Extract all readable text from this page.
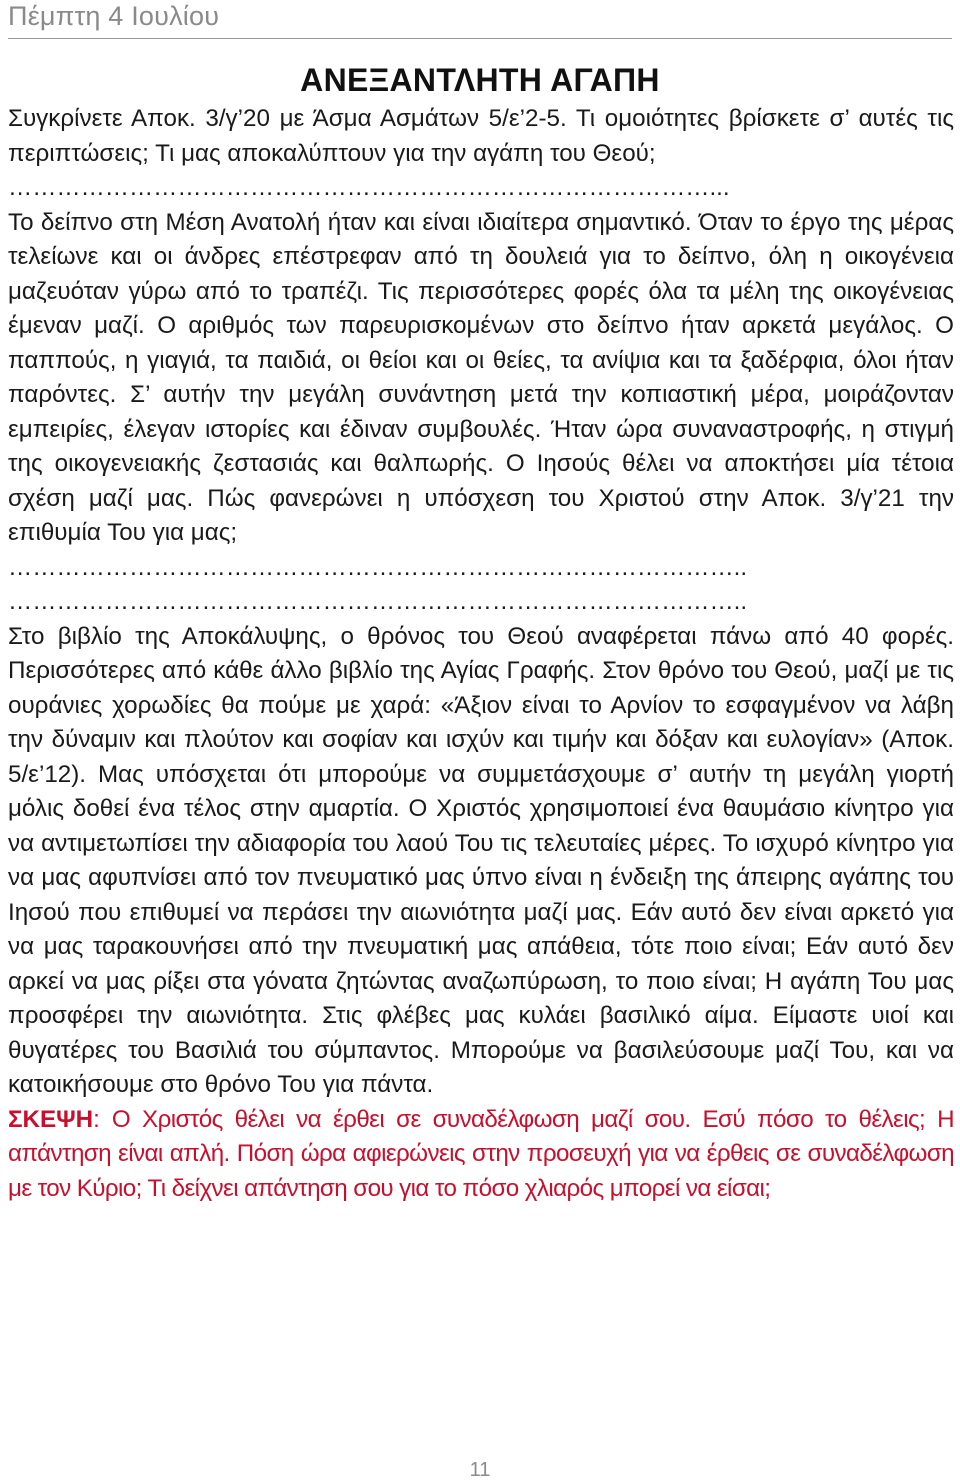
Πέμπτη 4 Ιουλίου
ΑΝΕΞΑΝΤΛΗΤΗ ΑΓΑΠΗ

Συγκρίνετε Αποκ. 3/γ’20 με Άσμα Ασμάτων 5/ε’2-5. Τι ομοιότητες βρίσκετε σ’ αυτές τις περιπτώσεις; Τι μας αποκαλύπτουν για την αγάπη του Θεού;

……………………………………………………………………………...

Το δείπνο στη Μέση Ανατολή ήταν και είναι ιδιαίτερα σημαντικό. Όταν το έργο της μέρας τελείωνε και οι άνδρες επέστρεφαν από τη δουλειά για το δείπνο, όλη η οικογένεια μαζευόταν γύρω από το τραπέζι. Τις περισσότερες φορές όλα τα μέλη της οικογένειας έμεναν μαζί. Ο αριθμός των παρευρισκομένων στο δείπνο ήταν αρκετά μεγάλος. Ο παππούς, η γιαγιά, τα παιδιά, οι θείοι και οι θείες, τα ανίψια και τα ξαδέρφια, όλοι ήταν παρόντες. Σ’ αυτήν την μεγάλη συνάντηση μετά την κοπιαστική μέρα, μοιράζονταν εμπειρίες, έλεγαν ιστορίες και έδιναν συμβουλές. Ήταν ώρα συναναστροφής, η στιγμή της οικογενειακής ζεστασιάς και θαλπωρής. Ο Ιησούς θέλει να αποκτήσει μία τέτοια σχέση μαζί μας. Πώς φανερώνει η υπόσχεση του Χριστού στην Αποκ. 3/γ’21 την επιθυμία Του για μας;

………………………………………………………………………………..

………………………………………………………………………………..

Στο βιβλίο της Αποκάλυψης, ο θρόνος του Θεού αναφέρεται πάνω από 40 φορές. Περισσότερες από κάθε άλλο βιβλίο της Αγίας Γραφής. Στον θρόνο του Θεού, μαζί με τις ουράνιες χορωδίες θα πούμε με χαρά: «Άξιον είναι το Αρνίον το εσφαγμένον να λάβη την δύναμιν και πλούτον και σοφίαν και ισχύν και τιμήν και δόξαν και ευλογίαν» (Αποκ. 5/ε’12). Μας υπόσχεται ότι μπορούμε να συμμετάσχουμε σ’ αυτήν τη μεγάλη γιορτή μόλις δοθεί ένα τέλος στην αμαρτία. Ο Χριστός χρησιμοποιεί ένα θαυμάσιο κίνητρο για να αντιμετωπίσει την αδιαφορία του λαού Του τις τελευταίες μέρες. Το ισχυρό κίνητρο για να μας αφυπνίσει από τον πνευματικό μας ύπνο είναι η ένδειξη της άπειρης αγάπης του Ιησού που επιθυμεί να περάσει την αιωνιότητα μαζί μας. Εάν αυτό δεν είναι αρκετό για να μας ταρακουνήσει από την πνευματική μας απάθεια, τότε ποιο είναι; Εάν αυτό δεν αρκεί να μας ρίξει στα γόνατα ζητώντας αναζωπύρωση, το ποιο είναι; Η αγάπη Του μας προσφέρει την αιωνιότητα. Στις φλέβες μας κυλάει βασιλικό αίμα. Είμαστε υιοί και θυγατέρες του Βασιλιά του σύμπαντος. Μπορούμε να βασιλεύσουμε μαζί Του, και να κατοικήσουμε στο θρόνο Του για πάντα.

ΣΚΕΨΗ: Ο Χριστός θέλει να έρθει σε συναδέλφωση μαζί σου. Εσύ πόσο το θέλεις; Η απάντηση είναι απλή. Πόση ώρα αφιερώνεις στην προσευχή για να έρθεις σε συναδέλφωση με τον Κύριο; Τι δείχνει απάντηση σου για το πόσο χλιαρός μπορεί να είσαι;

11
